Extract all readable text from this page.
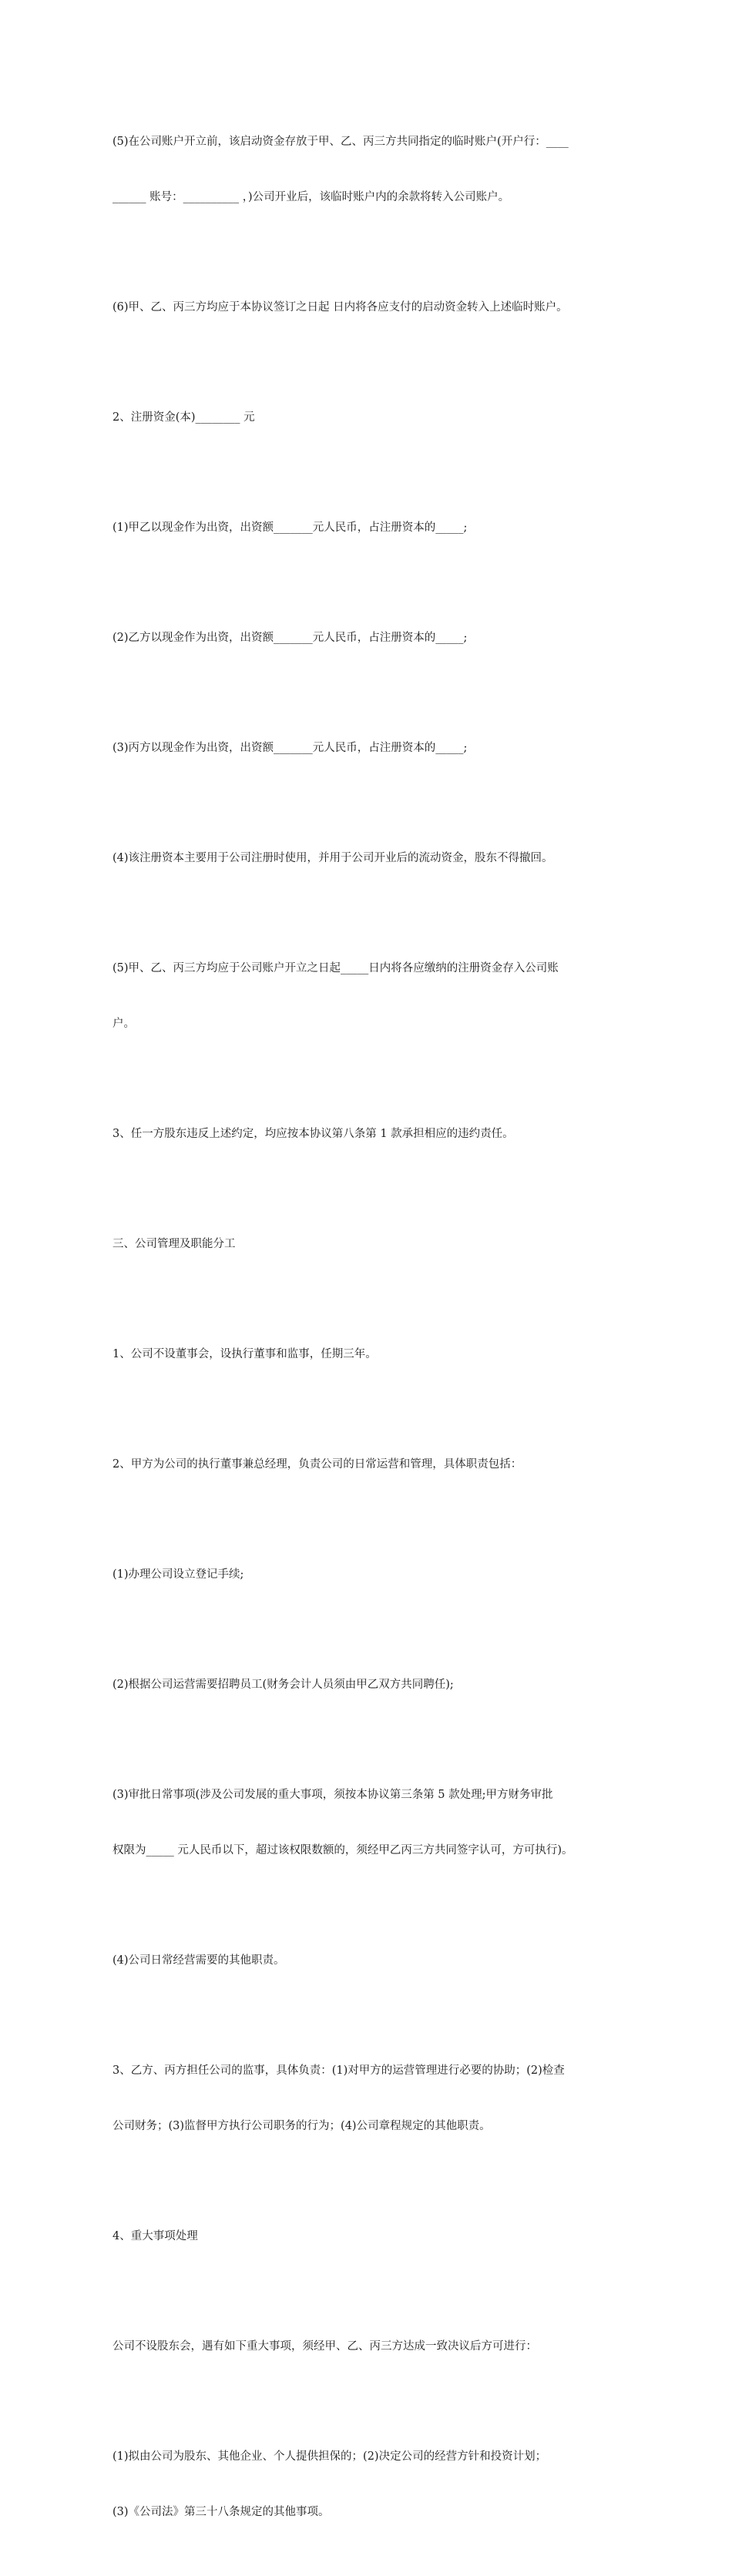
(5)在公司账户开立前，该启动资金存放于甲、乙、丙三方共同指定的临时账户(开户行：____

______ 账号：__________ ，)公司开业后，该临时账户内的余款将转入公司账户。

(6)甲、乙、丙三方均应于本协议签订之日起 日内将各应支付的启动资金转入上述临时账户。

2、注册资金(本)________ 元

(1)甲乙以现金作为出资，出资额_______元人民币，占注册资本的_____;

(2)乙方以现金作为出资，出资额_______元人民币，占注册资本的_____;

(3)丙方以现金作为出资，出资额_______元人民币，占注册资本的_____;

(4)该注册资本主要用于公司注册时使用，并用于公司开业后的流动资金，股东不得撤回。

(5)甲、乙、丙三方均应于公司账户开立之日起_____日内将各应缴纳的注册资金存入公司账

户。

3、任一方股东违反上述约定，均应按本协议第八条第 1 款承担相应的违约责任。

三、公司管理及职能分工

1、公司不设董事会，设执行董事和监事，任期三年。

2、甲方为公司的执行董事兼总经理，负责公司的日常运营和管理，具体职责包括：

(1)办理公司设立登记手续;

(2)根据公司运营需要招聘员工(财务会计人员须由甲乙双方共同聘任);

(3)审批日常事项(涉及公司发展的重大事项，须按本协议第三条第 5 款处理;甲方财务审批

权限为_____ 元人民币以下，超过该权限数额的，须经甲乙丙三方共同签字认可，方可执行)。

(4)公司日常经营需要的其他职责。

3、乙方、丙方担任公司的监事，具体负责：(1)对甲方的运营管理进行必要的协助；(2)检查

公司财务；(3)监督甲方执行公司职务的行为；(4)公司章程规定的其他职责。

4、重大事项处理

公司不设股东会，遇有如下重大事项，须经甲、乙、丙三方达成一致决议后方可进行：

(1)拟由公司为股东、其他企业、个人提供担保的；(2)决定公司的经营方针和投资计划；

(3)《公司法》第三十八条规定的其他事项。
